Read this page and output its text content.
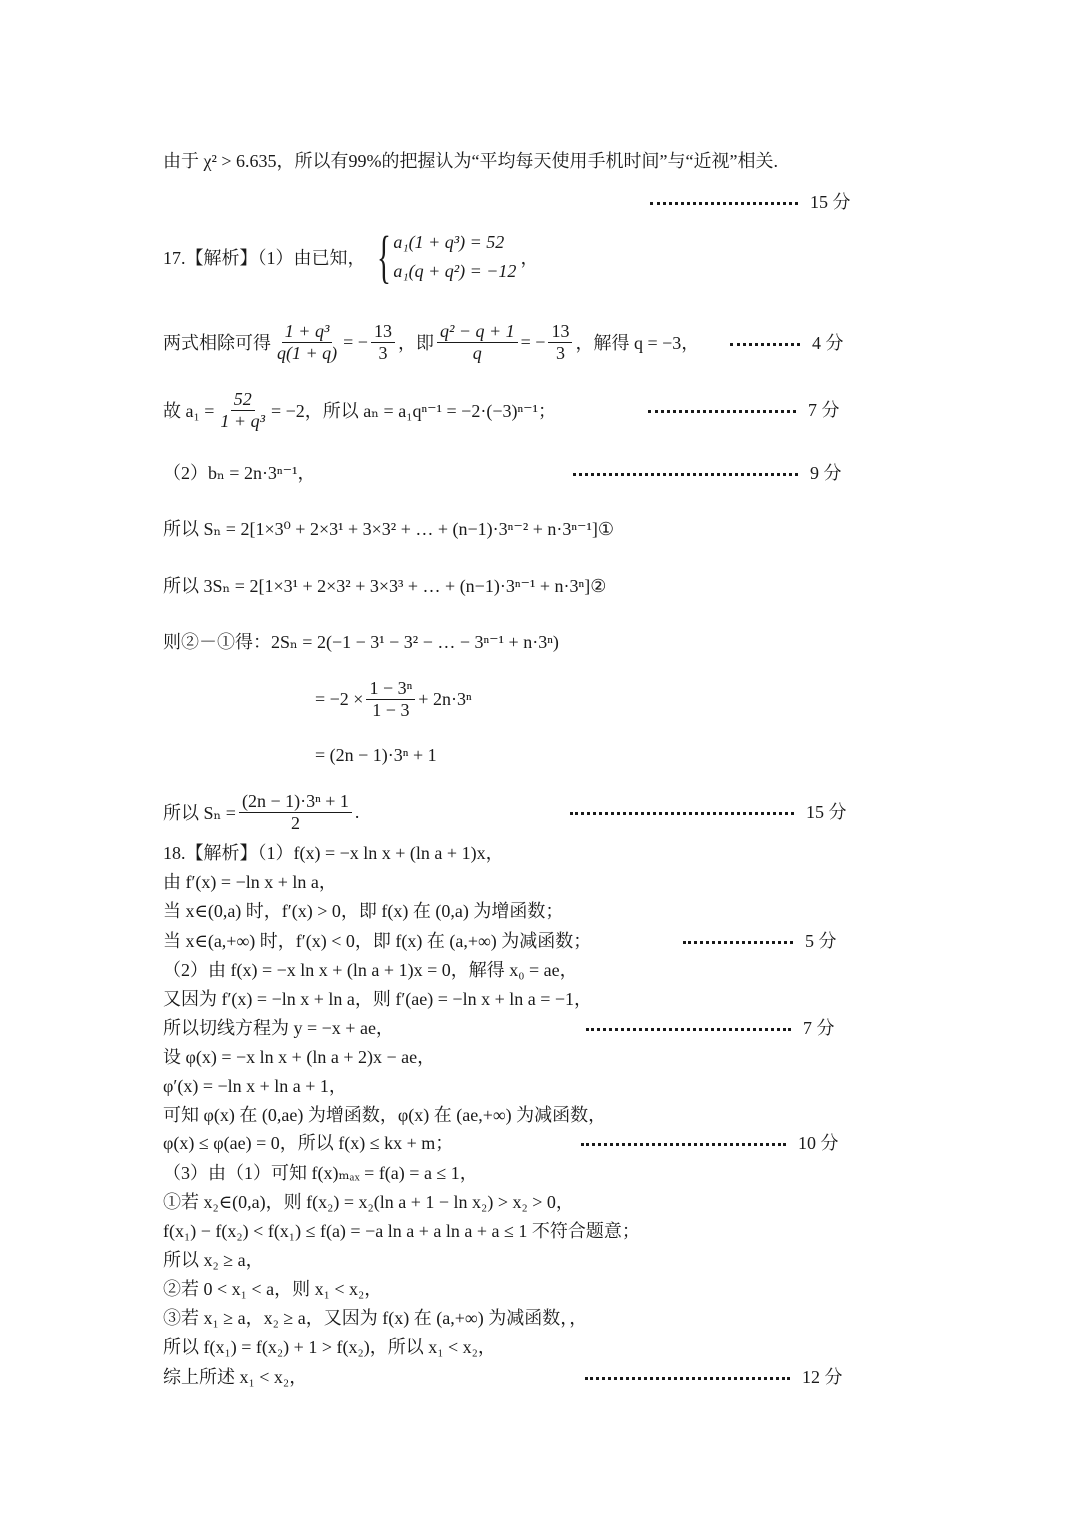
由于 χ² > 6.635，所以有99%的把握认为“平均每天使用手机时间”与“近视”相关.
15 分
17.【解析】（1）由已知， { a₁(1 + q³) = 52
a₁(q + q²) = −12
，
两式相除可得 $\frac{\text{1 + q³}}{q(1 + q)}$ = − $\frac{13}{3}$ ，即 $\frac{\text{q² − q + 1}}{q}$ = − $\frac{13}{3}$ ，解得 q = −3，	4 分
故 $a_1 = \frac{52}{\text{1 + q³}} = -2$，所以 aₙ = a₁qⁿ⁻¹ = −2·(−3)ⁿ⁻¹；	7 分
（2）bₙ = 2n·3ⁿ⁻¹，	9 分
所以 Sₙ = 2[1×3⁰ + 2×3¹ + 3×3² + … + (n−1)·3ⁿ⁻² + n·3ⁿ⁻¹]①
所以 3Sₙ = 2[1×3¹ + 2×3² + 3×3³ + … + (n−1)·3ⁿ⁻¹ + n·3ⁿ]②
则②－①得：2Sₙ = 2(−1 − 3¹ − 3² − … − 3ⁿ⁻¹ + n·3ⁿ)
= $-2 \times \frac{\text{1 − 3ⁿ}}{1 - 3} + 2n\cdot 3^n$
= (2n − 1)·3ⁿ + 1
所以 $S_n = \frac{\text{(2n − 1)·3ⁿ + 1}}{2}$ .	15 分
18.【解析】（1）f(x) = −x ln x + (ln a + 1)x，
由 f′(x) = −ln x + ln a，
当 x∈(0,a) 时，f′(x) > 0，即 f(x) 在 (0,a) 为增函数；
当 x∈(a,+∞) 时，f′(x) < 0，即 f(x) 在 (a,+∞) 为减函数；	5 分
（2）由 f(x) = −x ln x + (ln a + 1)x = 0，解得 x₀ = ae，
又因为 f′(x) = −ln x + ln a，则 f′(ae) = −ln x + ln a = −1，
所以切线方程为 y = −x + ae，	7 分
设 φ(x) = −x ln x + (ln a + 2)x − ae，
φ′(x) = −ln x + ln a + 1，
可知 φ(x) 在 (0,ae) 为增函数，φ(x) 在 (ae,+∞) 为减函数，
φ(x) ≤ φ(ae) = 0，所以 f(x) ≤ kx + m；	10 分
（3）由（1）可知 f(x)ₘₐₓ = f(a) = a ≤ 1，
①若 x₂∈(0,a)，则 f(x₂) = x₂(ln a + 1 − ln x₂) > x₂ > 0，
f(x₁) − f(x₂) < f(x₁) ≤ f(a) = −a ln a + a ln a + a ≤ 1 不符合题意；
所以 x₂ ≥ a，
②若 0 < x₁ < a，则 x₁ < x₂，
③若 x₁ ≥ a，x₂ ≥ a，又因为 f(x) 在 (a,+∞) 为减函数，，
所以 f(x₁) = f(x₂) + 1 > f(x₂)，所以 x₁ < x₂，
综上所述 x₁ < x₂，	12 分
